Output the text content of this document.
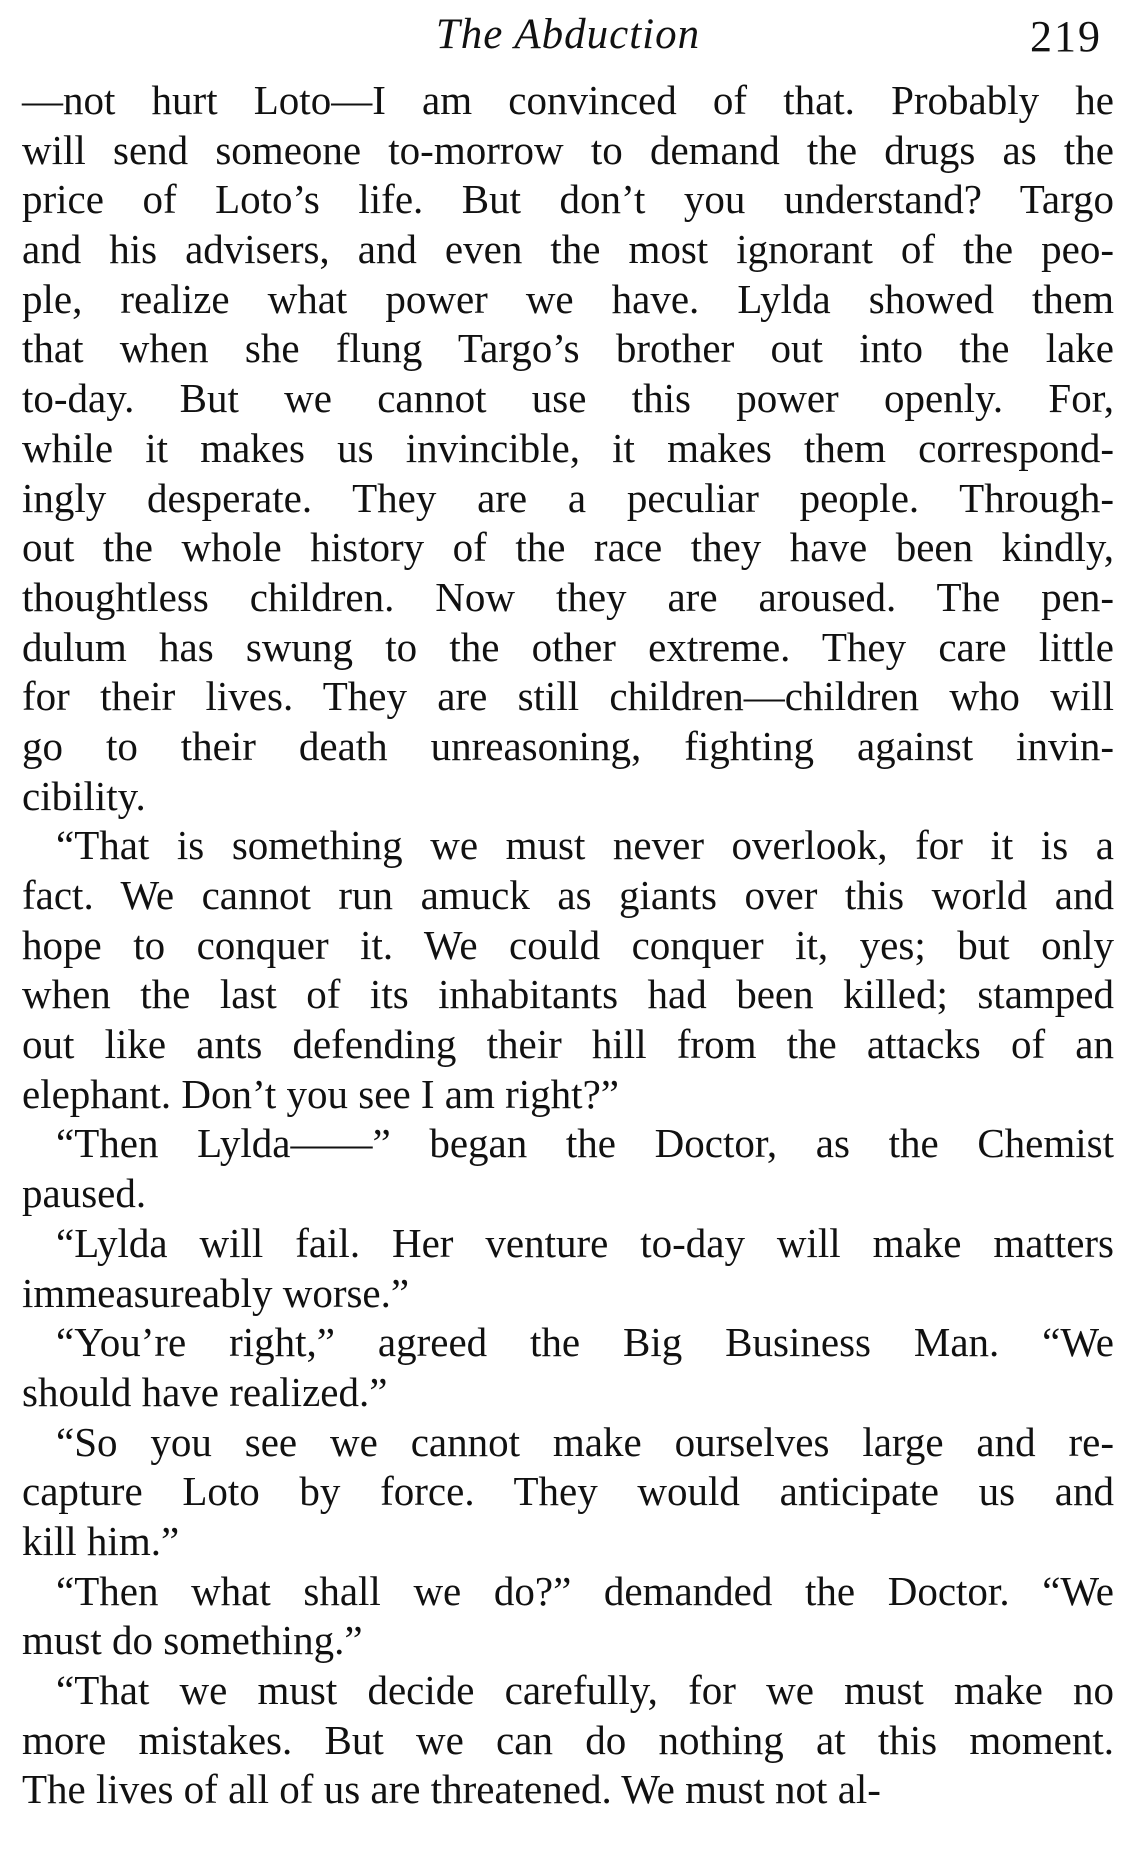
The Abduction	219
—not hurt Loto—I am convinced of that. Probably he
will send someone to-morrow to demand the drugs as the
price of Loto’s life. But don’t you understand? Targo
and his advisers, and even the most ignorant of the peo-
ple, realize what power we have. Lylda showed them
that when she flung Targo’s brother out into the lake
to-day. But we cannot use this power openly. For,
while it makes us invincible, it makes them correspond-
ingly desperate. They are a peculiar people. Through-
out the whole history of the race they have been kindly,
thoughtless children. Now they are aroused. The pen-
dulum has swung to the other extreme. They care little
for their lives. They are still children—children who will
go to their death unreasoning, fighting against invin-
cibility.
“That is something we must never overlook, for it is a
fact. We cannot run amuck as giants over this world and
hope to conquer it. We could conquer it, yes; but only
when the last of its inhabitants had been killed; stamped
out like ants defending their hill from the attacks of an
elephant. Don’t you see I am right?”
“Then Lylda——” began the Doctor, as the Chemist
paused.
“Lylda will fail. Her venture to-day will make matters
immeasureably worse.”
“You’re right,” agreed the Big Business Man. “We
should have realized.”
“So you see we cannot make ourselves large and re-
capture Loto by force. They would anticipate us and
kill him.”
“Then what shall we do?” demanded the Doctor. “We
must do something.”
“That we must decide carefully, for we must make no
more mistakes. But we can do nothing at this moment.
The lives of all of us are threatened. We must not al-
